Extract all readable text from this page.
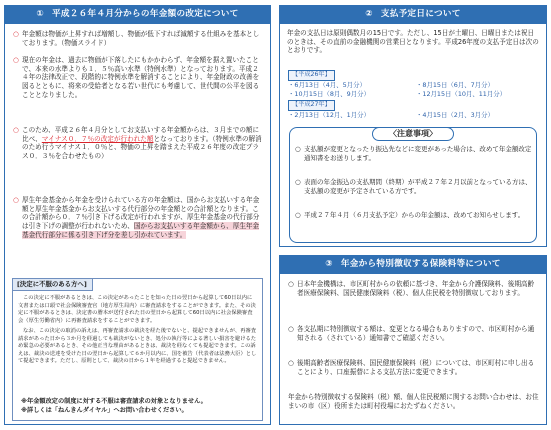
① 平成２６年４月分からの年金額の改定について
○ 年金額は物価が上昇すれば増額し、物価が低下すれば減額する仕組みを基本としております。（物価スライド）
○ 現在の年金は、過去に物価が下落したにもかかわらず、年金額を据え置いたことで、本来の水準よりも１．５％高い水準（特例水準）となっております。平成２４年の法律改正で、段階的に特例水準を解消することにより、年金財政の改善を図るとともに、将来の受給者となる若い世代にも考慮して、世代間の公平を図ることとなりました。
○ このため、平成２６年４月分としてお支払いする年金額からは、３月までの額に比べ、マイナス０．７％の改定が行われた額となっております。（特例水準の解消のため行うマイナス１．０％と、物価の上昇を踏まえた平成２６年度の改定プラス０．３％を合わせたもの）
○ 厚生年金基金から年金を受けられている方の年金額は、国からお支払いする年金額と厚生年金基金からお支払いする代行部分の年金額との合計額となります。この合計額から０．７％引き下げる改定が行われますが、厚生年金基金の代行部分は引き下げの調整が行われないため、国からお支払いする年金額から、厚生年金基金代行部分に係る引き下げ分を差し引かれています。
[決定に不服のある方へ]

この決定に不服があるときは、この決定があったことを知った日の翌日から起算して60日以内に文書または口頭で社会保険審査官（地方厚生局内）に審査請求をすることができます。また、その決定に不服があるときは、決定書の謄本が送付された日の翌日から起算して60日以内に社会保険審査会（厚生労働省内）に再審査請求をすることができます。

なお、この決定の取消の訴えは、再審査請求の裁決を経た後でないと、提起できませんが、再審査請求があった日から３か月を経過しても裁決がないとき、処分の執行等による著しい損害を避けるため緊急の必要があるとき、その他正当な理由があるときは、裁決を経なくても提起できます。この訴えは、裁決の送達を受けた日の翌日から起算して６か月以内に、国を被告（代表者は法務大臣）として提起できます。ただし、原則として、裁決の日から１年を経過すると提起できません。

※年金額改定の制度に対する不服は審査請求の対象となりません。
※詳しくは「ねんきんダイヤル」へお問い合わせください。
② 支払予定日について
年金の支払日は原則偶数月の15日です。ただし、15日が土曜日、日曜日または祝日のときは、その直前の金融機関の営業日となります。平成26年度の支払予定日は次のとおりです。
【平成26年】
・6月13日（4月、5月分）	・8月15日（6月、7月分）
・10月15日（8月、9月分）	・12月15日（10月、11月分）
【平成27年】
・2月13日（12月、1月分）	・4月15日（2月、3月分）
〈注意事項〉
○ 支払額が変更となったり振込先などに変更があった場合は、改めて年金額改定通知書をお送りします。
○ 表面の年金振込の支払期間（終期）が平成２７年２月以前となっている方は、支払額の変更が予定されている方です。
○ 平成２７年４月（６月支払予定）からの年金額は、改めてお知らせします。
③ 年金から特別徴収する保険料等について
○ 日本年金機構は、市区町村からの依頼に基づき、年金から介護保険料、後期高齢者医療保険料、国民健康保険料（税）、個人住民税を特別徴収しております。
○ 各支払期に特別徴収する額は、変更となる場合もありますので、市区町村から通知される（されている）通知書でご確認ください。
○ 後期高齢者医療保険料、国民健康保険料（税）については、市区町村に申し出ることにより、口座振替による支払方法に変更できます。
年金から特別徴収する保険料（税）額、個人住民税額に関するお問い合わせは、お住まいの市（区）役所または町村役場におたずねください。
